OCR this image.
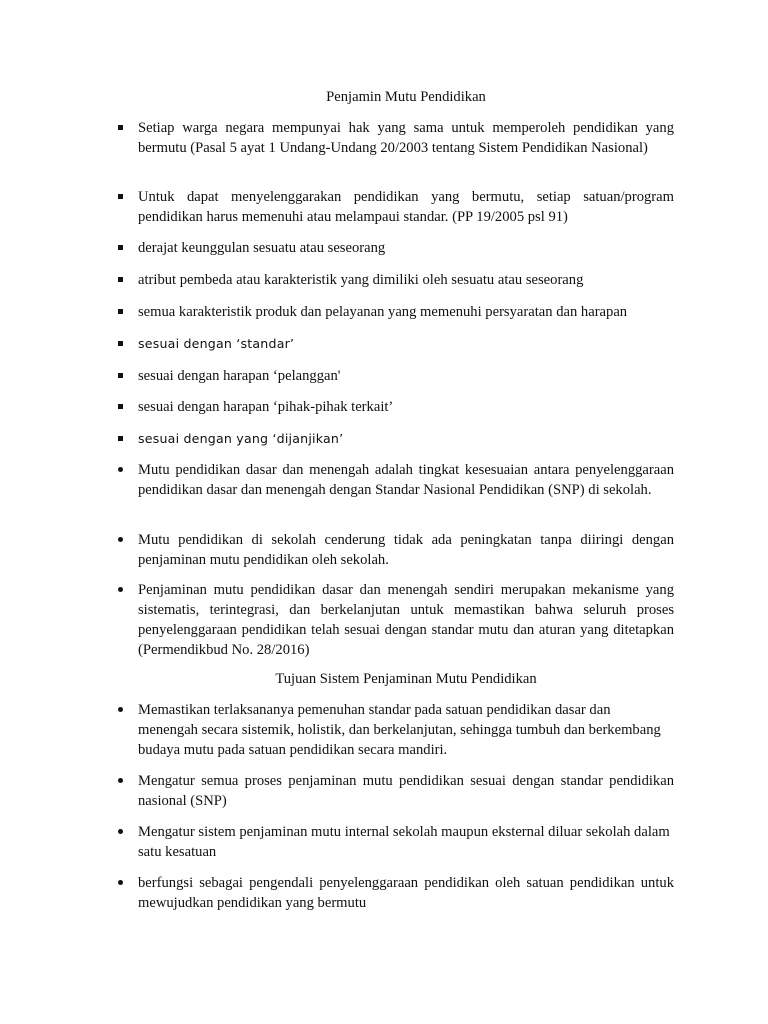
Penjamin Mutu Pendidikan
Setiap warga negara mempunyai hak yang sama untuk memperoleh pendidikan yang bermutu (Pasal 5 ayat 1 Undang-Undang 20/2003 tentang Sistem Pendidikan Nasional)
Untuk dapat menyelenggarakan pendidikan yang bermutu, setiap satuan/program pendidikan harus memenuhi atau melampaui standar. (PP 19/2005 psl 91)
derajat keunggulan sesuatu atau seseorang
atribut pembeda atau karakteristik yang dimiliki oleh sesuatu atau seseorang
semua karakteristik produk dan pelayanan yang memenuhi persyaratan dan harapan
sesuai dengan ‘standar’
sesuai dengan harapan ‘pelanggan'
sesuai dengan harapan ‘pihak-pihak terkait’
sesuai dengan yang ‘dijanjikan’
Mutu pendidikan dasar dan menengah adalah tingkat kesesuaian antara penyelenggaraan pendidikan dasar dan menengah dengan Standar Nasional Pendidikan (SNP) di sekolah.
Mutu pendidikan di sekolah cenderung tidak ada peningkatan tanpa diiringi dengan penjaminan mutu pendidikan oleh sekolah.
Penjaminan mutu pendidikan dasar dan menengah sendiri merupakan mekanisme yang sistematis, terintegrasi, dan berkelanjutan untuk memastikan bahwa seluruh proses penyelenggaraan pendidikan telah sesuai dengan standar mutu dan aturan yang ditetapkan (Permendikbud No. 28/2016)
Tujuan Sistem Penjaminan Mutu Pendidikan
Memastikan terlaksananya pemenuhan standar pada satuan pendidikan dasar dan menengah secara sistemik, holistik, dan berkelanjutan, sehingga tumbuh dan berkembang budaya mutu pada satuan pendidikan secara mandiri.
Mengatur semua proses penjaminan mutu pendidikan sesuai dengan standar pendidikan nasional (SNP)
Mengatur sistem penjaminan mutu internal sekolah maupun eksternal diluar sekolah dalam satu kesatuan
berfungsi sebagai pengendali penyelenggaraan pendidikan oleh satuan pendidikan untuk mewujudkan pendidikan yang bermutu
